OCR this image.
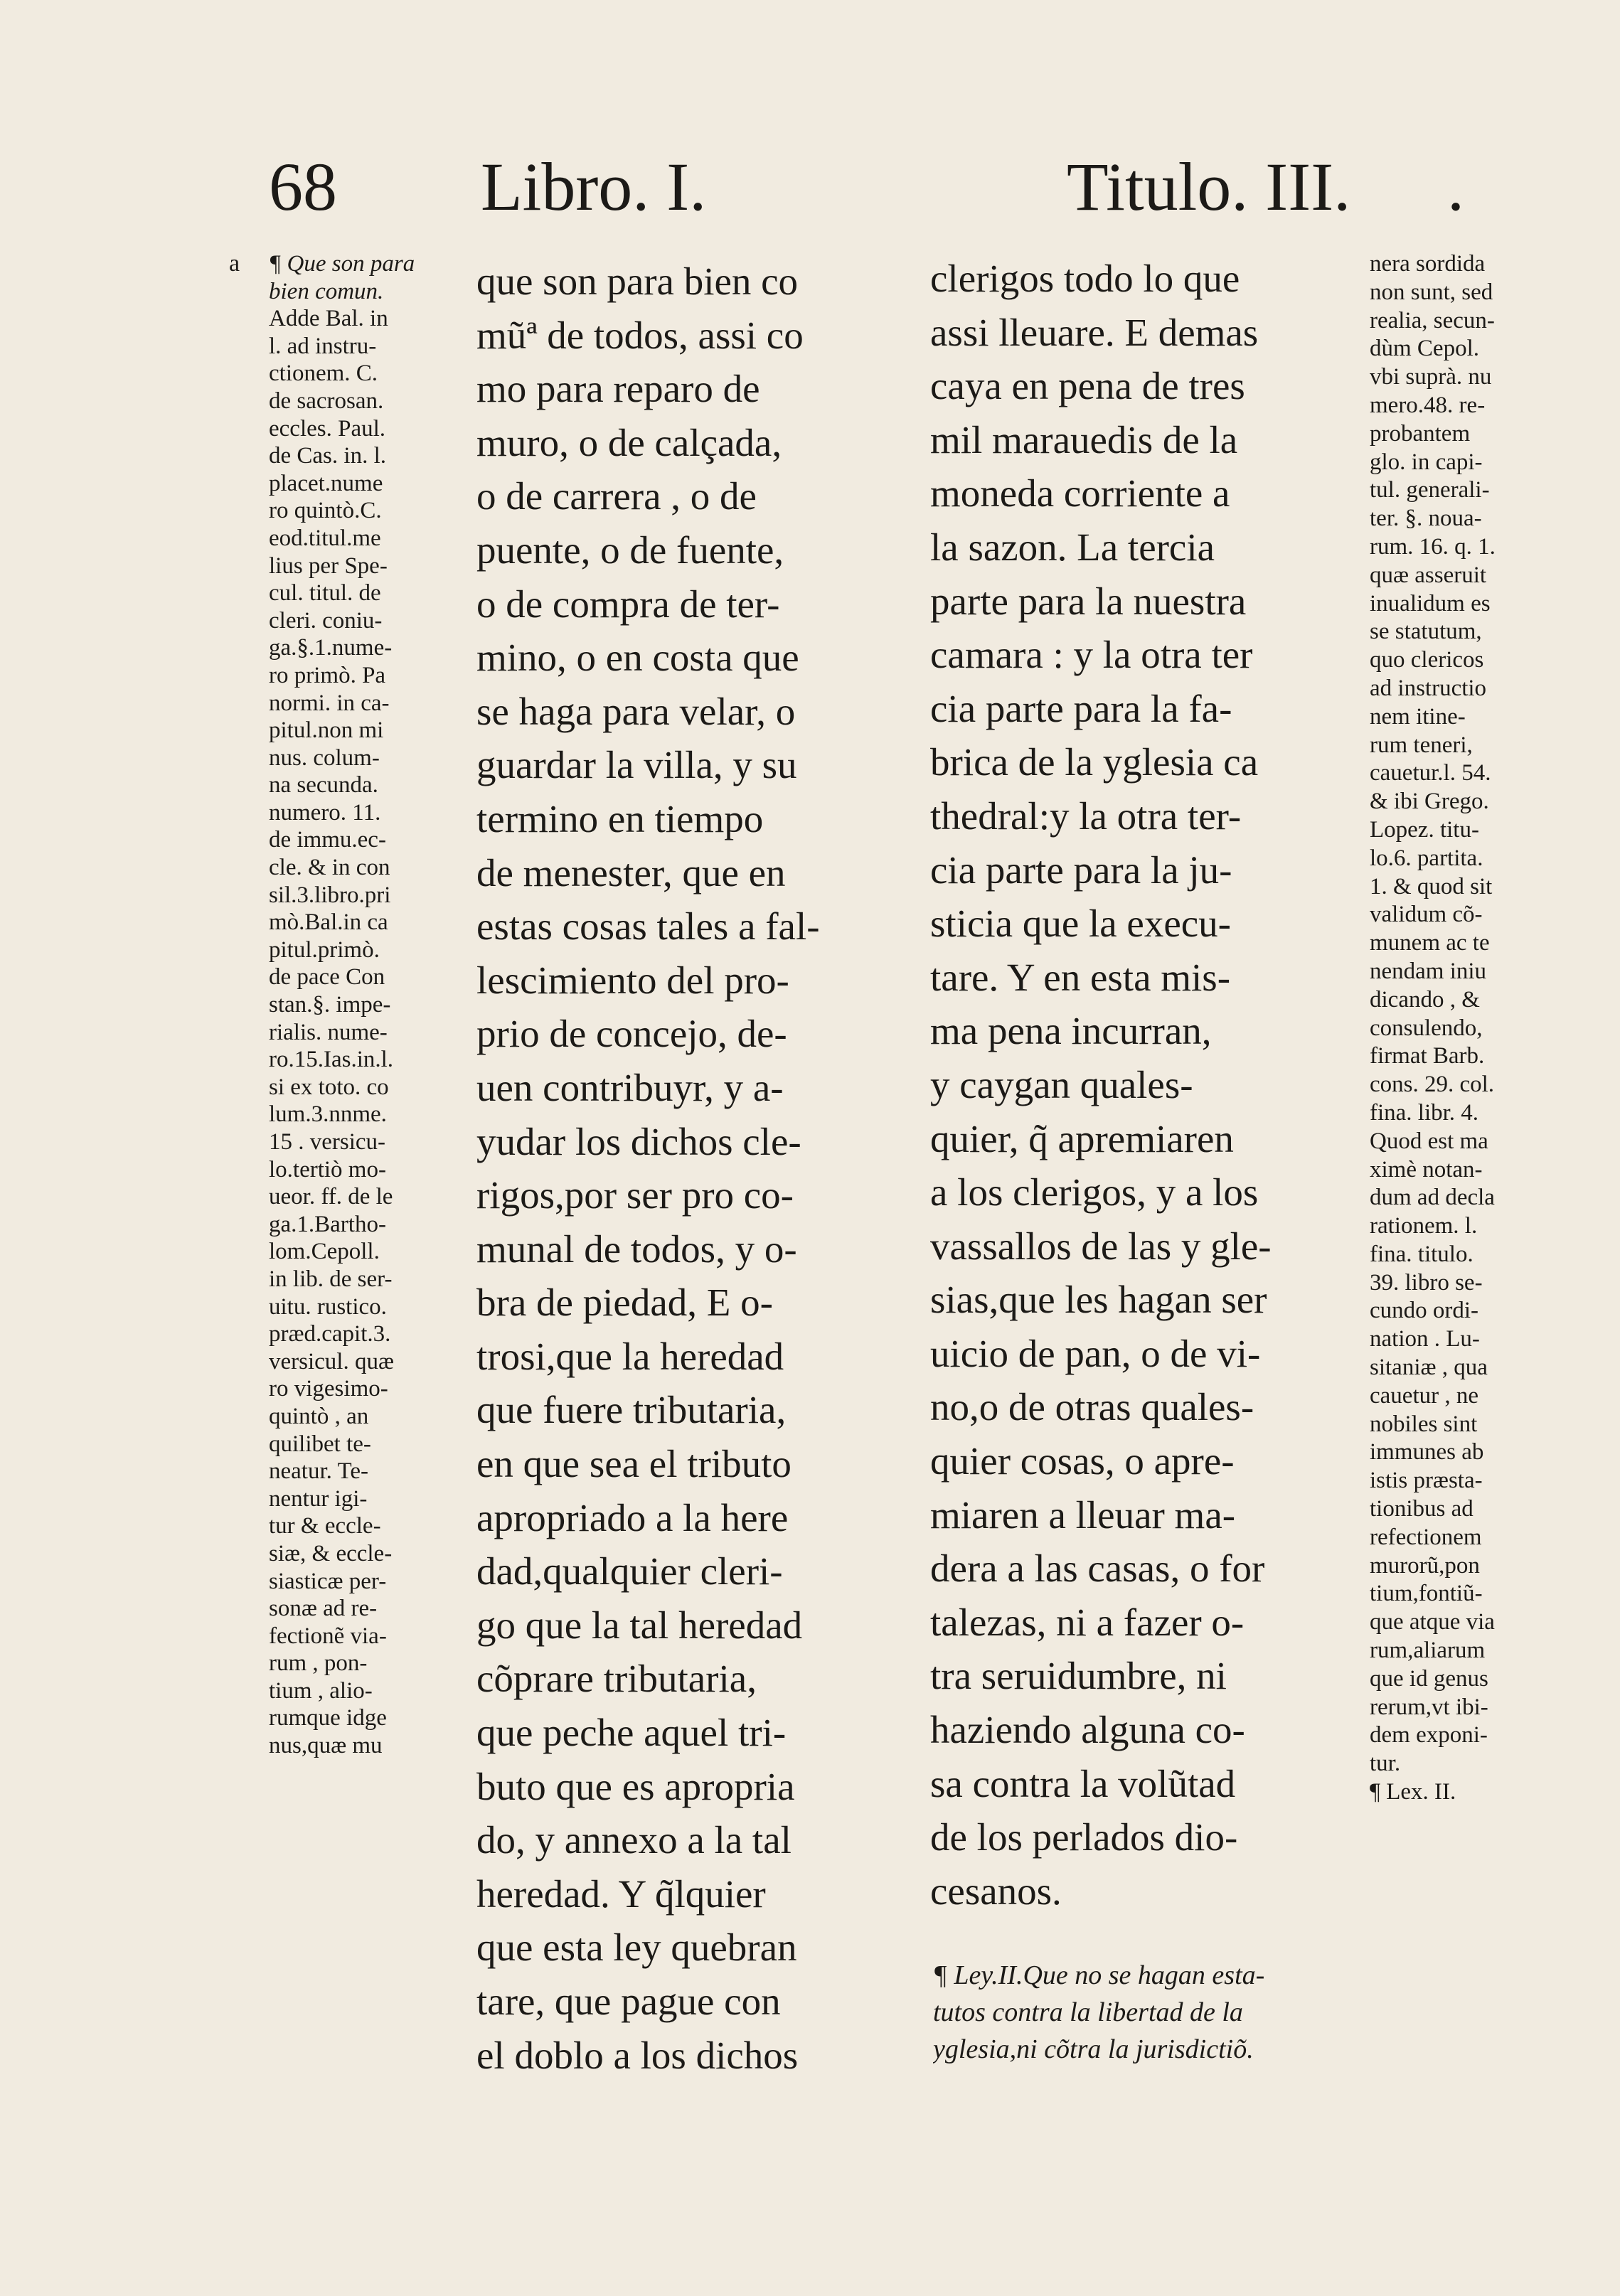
68 Libro. I.	Titulo. III. .
a ¶ Que son para
bien comun.
Adde Bal. in
l. ad instru-
ctionem. C.
de sacrosan.
eccles. Paul.
de Cas. in. l.
placet.nume
ro quintò.C.
eod.titul.me
lius per Spe-
cul. titul. de
cleri. coniu-
ga.§.1.nume-
ro primò. Pa
normi. in ca-
pitul.non mi
nus. colum-
na secunda.
numero. 11.
de immu.ec-
cle. & in con
sil.3.libro.pri
mò.Bal.in ca
pitul.primò.
de pace Con
stan.§. impe-
rialis. nume-
ro.15.Ias.in.l.
si ex toto. co
lum.3.nnme.
15 . versicu-
lo.tertiò mo-
ueor. ff. de le
ga.1.Bartho-
lom.Cepoll.
in lib. de ser-
uitu. rustico.
præd.capit.3.
versicul. quæ
ro vigesimo-
quintò , an
quilibet te-
neatur. Te-
nentur igi-
tur & eccle-
siæ, & eccle-
siasticæ per-
sonæ ad re-
fectionẽ via-
rum , pon-
tium , alio-
rumque idge
nus,quæ mu
que son para bien co
mũª de todos, assi co
mo para reparo de
muro, o de calçada,
o de carrera , o de
puente, o de fuente,
o de compra de ter-
mino, o en costa que
se haga para velar, o
guardar la villa, y su
termino en tiempo
de menester, que en
estas cosas tales a fal-
lescimiento del pro-
prio de concejo, de-
uen contribuyr, y a-
yudar los dichos cle-
rigos,por ser pro co-
munal de todos, y o-
bra de piedad, E o-
trosi,que la heredad
que fuere tributaria,
en que sea el tributo
apropriado a la here
dad,qualquier cleri-
go que la tal heredad
cõprare tributaria,
que peche aquel tri-
buto que es apropria
do, y annexo a la tal
heredad. Y q̃lquier
que esta ley quebran
tare, que pague con
el doblo a los dichos
clerigos todo lo que
assi lleuare. E demas
caya en pena de tres
mil marauedis de la
moneda corriente a
la sazon. La tercia
parte para la nuestra
camara : y la otra ter
cia parte para la fa-
brica de la yglesia ca
thedral:y la otra ter-
cia parte para la ju-
sticia que la execu-
tare. Y en esta mis-
ma pena incurran,
y caygan quales-
quier, q̃ apremiaren
a los clerigos, y a los
vassallos de las y gle-
sias,que les hagan ser
uicio de pan, o de vi-
no,o de otras quales-
quier cosas, o apre-
miaren a lleuar ma-
dera a las casas, o for
talezas, ni a fazer o-
tra seruidumbre, ni
haziendo alguna co-
sa contra la volũtad
de los perlados dio-
cesanos.
¶ Ley.II.Que no se hagan esta-
tutos contra la libertad de la
yglesia,ni cõtra la jurisdictiõ.
nera sordida
non sunt, sed
realia, secun-
dùm Cepol.
vbi suprà. nu
mero.48. re-
probantem
glo. in capi-
tul. generali-
ter. §. noua-
rum. 16. q. 1.
quæ asseruit
inualidum es
se statutum,
quo clericos
ad instructio
nem itine-
rum teneri,
cauetur.l. 54.
& ibi Grego.
Lopez. titu-
lo.6. partita.
1. & quod sit
validum cõ-
munem ac te
nendam iniu
dicando , &
consulendo,
firmat Barb.
cons. 29. col.
fina. libr. 4.
Quod est ma
ximè notan-
dum ad decla
rationem. l.
fina. titulo.
39. libro se-
cundo ordi-
nation . Lu-
sitaniæ , qua
cauetur , ne
nobiles sint
immunes ab
istis præsta-
tionibus ad
refectionem
murorũ,pon
tium,fontiũ-
que atque via
rum,aliarum
que id genus
rerum,vt ibi-
dem exponi-
tur.
¶ Lex. II.
